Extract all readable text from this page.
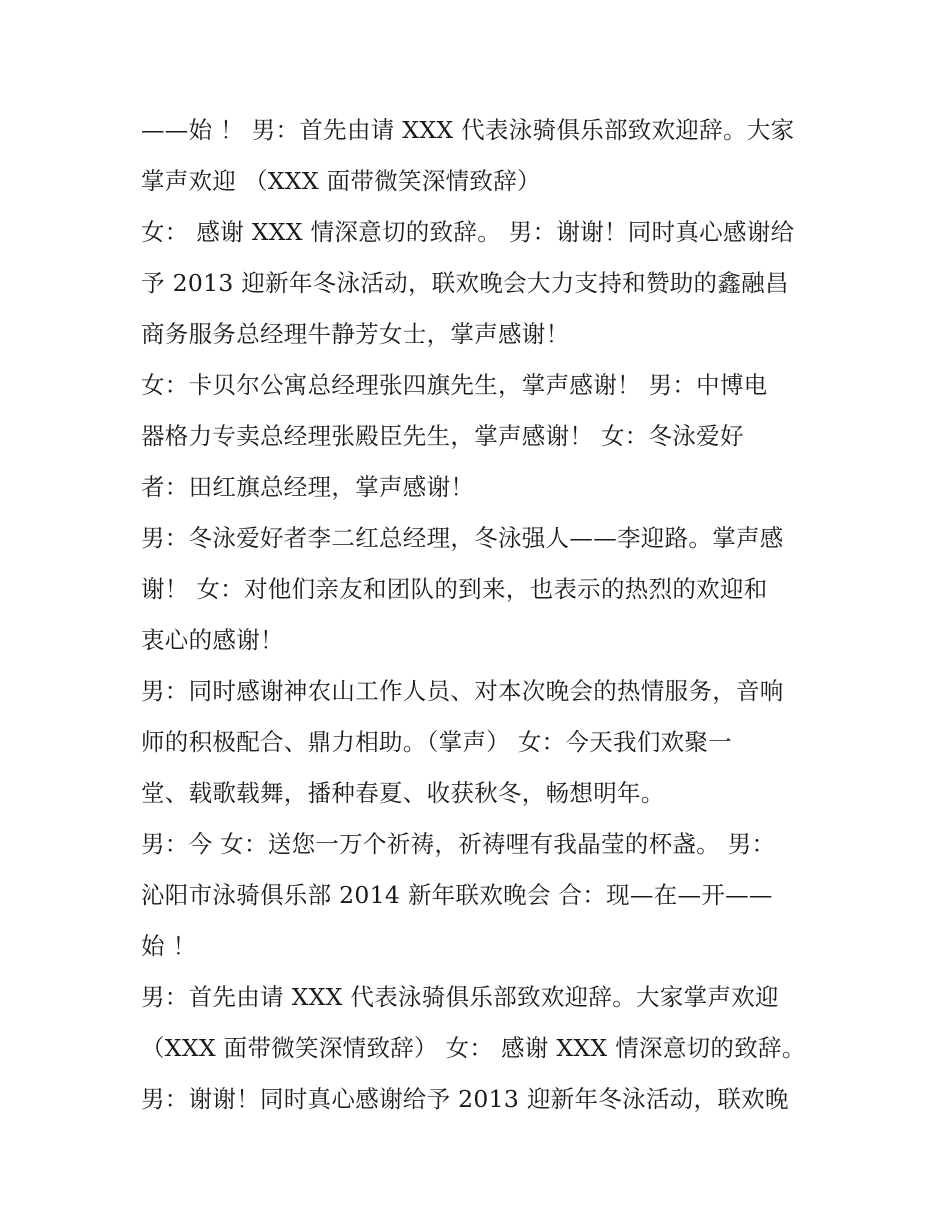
——始 ！ 男：首先由请 XXX 代表泳骑俱乐部致欢迎辞。大家
掌声欢迎 （XXX 面带微笑深情致辞）
女： 感谢 XXX 情深意切的致辞。 男：谢谢！同时真心感谢给
予 2013 迎新年冬泳活动，联欢晚会大力支持和赞助的鑫融昌
商务服务总经理牛静芳女士，掌声感谢！
女：卡贝尔公寓总经理张四旗先生，掌声感谢！ 男：中博电
器格力专卖总经理张殿臣先生，掌声感谢！ 女：冬泳爱好
者：田红旗总经理，掌声感谢！
男：冬泳爱好者李二红总经理，冬泳强人——李迎路。掌声感
谢！ 女：对他们亲友和团队的到来，也表示的热烈的欢迎和
衷心的感谢！
男：同时感谢神农山工作人员、对本次晚会的热情服务，音响
师的积极配合、鼎力相助。（掌声） 女：今天我们欢聚一
堂、载歌载舞，播种春夏、收获秋冬，畅想明年。
男：今 女：送您一万个祈祷，祈祷哩有我晶莹的杯盏。 男：
沁阳市泳骑俱乐部 2014 新年联欢晚会 合：现—在—开——
始 ！
男：首先由请 XXX 代表泳骑俱乐部致欢迎辞。大家掌声欢迎
（XXX 面带微笑深情致辞） 女： 感谢 XXX 情深意切的致辞。
男：谢谢！同时真心感谢给予 2013 迎新年冬泳活动，联欢晚
